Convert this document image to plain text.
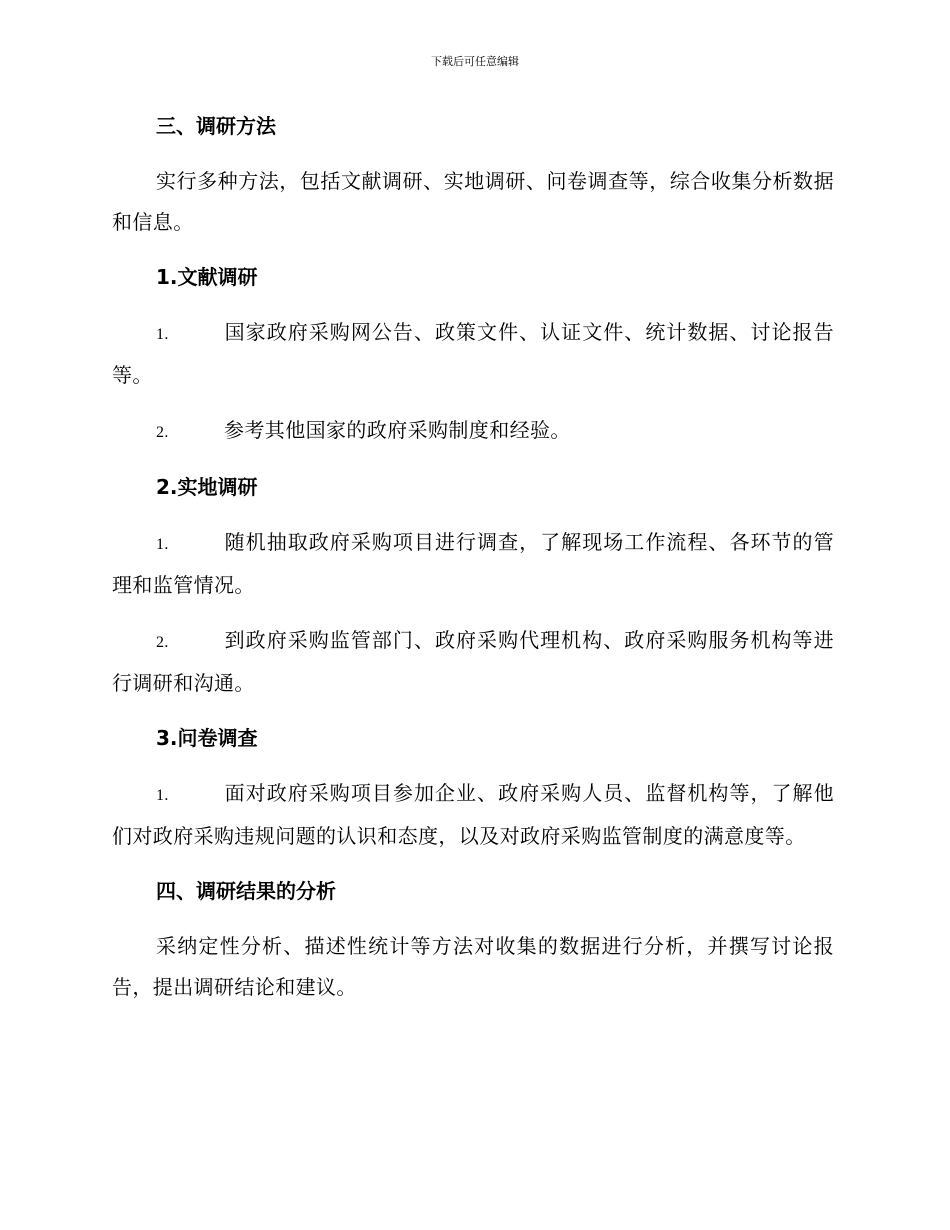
下载后可任意编辑

三、调研方法

实行多种方法，包括文献调研、实地调研、问卷调查等，综合收集分析数据和信息。

1.文献调研

1.	国家政府采购网公告、政策文件、认证文件、统计数据、讨论报告等。

2.	参考其他国家的政府采购制度和经验。

2.实地调研

1.	随机抽取政府采购项目进行调查，了解现场工作流程、各环节的管理和监管情况。

2.	到政府采购监管部门、政府采购代理机构、政府采购服务机构等进行调研和沟通。

3.问卷调查

1.	面对政府采购项目参加企业、政府采购人员、监督机构等，了解他们对政府采购违规问题的认识和态度，以及对政府采购监管制度的满意度等。

四、调研结果的分析

采纳定性分析、描述性统计等方法对收集的数据进行分析，并撰写讨论报告，提出调研结论和建议。
